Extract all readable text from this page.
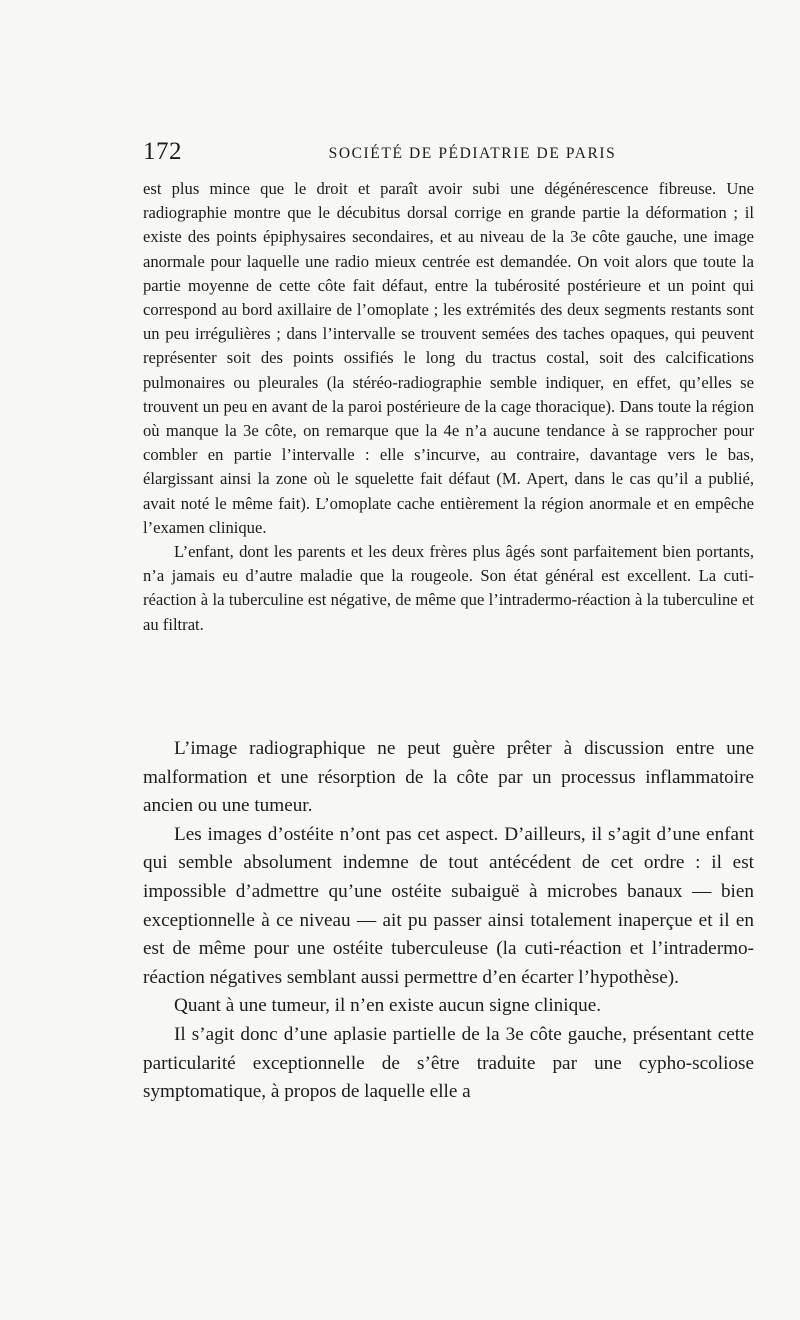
172	SOCIÉTÉ DE PÉDIATRIE DE PARIS

est plus mince que le droit et paraît avoir subi une dégénérescence fibreuse. Une radiographie montre que le décubitus dorsal corrige en grande partie la déformation ; il existe des points épiphysaires secondaires, et au niveau de la 3e côte gauche, une image anormale pour laquelle une radio mieux centrée est demandée. On voit alors que toute la partie moyenne de cette côte fait défaut, entre la tubérosité postérieure et un point qui correspond au bord axillaire de l’omoplate ; les extrémités des deux segments restants sont un peu irrégulières ; dans l’intervalle se trouvent semées des taches opaques, qui peuvent représenter soit des points ossifiés le long du tractus costal, soit des calcifications pulmonaires ou pleurales (la stéréo-radiographie semble indiquer, en effet, qu’elles se trouvent un peu en avant de la paroi postérieure de la cage thoracique). Dans toute la région où manque la 3e côte, on remarque que la 4e n’a aucune tendance à se rapprocher pour combler en partie l’intervalle : elle s’incurve, au contraire, davantage vers le bas, élargissant ainsi la zone où le squelette fait défaut (M. Apert, dans le cas qu’il a publié, avait noté le même fait). L’omoplate cache entièrement la région anormale et en empêche l’examen clinique.

L’enfant, dont les parents et les deux frères plus âgés sont parfaitement bien portants, n’a jamais eu d’autre maladie que la rougeole. Son état général est excellent. La cuti-réaction à la tuberculine est négative, de même que l’intradermo-réaction à la tuberculine et au filtrat.

L’image radiographique ne peut guère prêter à discussion entre une malformation et une résorption de la côte par un processus inflammatoire ancien ou une tumeur.

Les images d’ostéite n’ont pas cet aspect. D’ailleurs, il s’agit d’une enfant qui semble absolument indemne de tout antécédent de cet ordre : il est impossible d’admettre qu’une ostéite subaiguë à microbes banaux — bien exceptionnelle à ce niveau — ait pu passer ainsi totalement inaperçue et il en est de même pour une ostéite tuberculeuse (la cuti-réaction et l’intradermo-réaction négatives semblant aussi permettre d’en écarter l’hypothèse).

Quant à une tumeur, il n’en existe aucun signe clinique.

Il s’agit donc d’une aplasie partielle de la 3e côte gauche, présentant cette particularité exceptionnelle de s’être traduite par une cypho-scoliose symptomatique, à propos de laquelle elle a
